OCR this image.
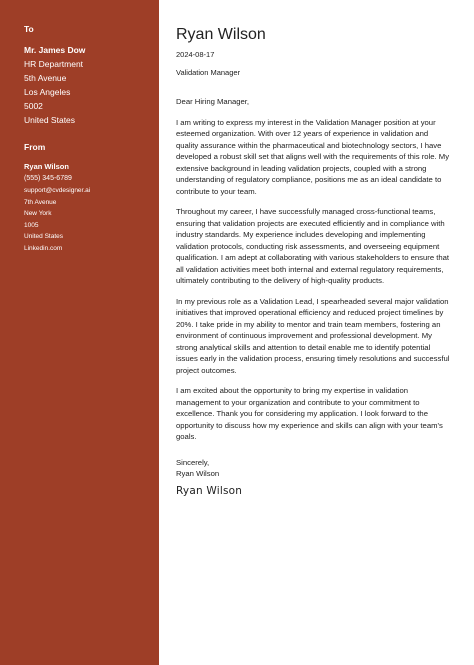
To
Mr. James Dow
HR Department
5th Avenue
Los Angeles
5002
United States
From
Ryan Wilson
(555) 345-6789
support@cvdesigner.ai
7th Avenue
New York
1005
United States
Linkedin.com
Ryan Wilson
2024-08-17
Validation Manager
Dear Hiring Manager,
I am writing to express my interest in the Validation Manager position at your esteemed organization. With over 12 years of experience in validation and quality assurance within the pharmaceutical and biotechnology sectors, I have developed a robust skill set that aligns well with the requirements of this role. My extensive background in leading validation projects, coupled with a strong understanding of regulatory compliance, positions me as an ideal candidate to contribute to your team.
Throughout my career, I have successfully managed cross-functional teams, ensuring that validation projects are executed efficiently and in compliance with industry standards. My experience includes developing and implementing validation protocols, conducting risk assessments, and overseeing equipment qualification. I am adept at collaborating with various stakeholders to ensure that all validation activities meet both internal and external regulatory requirements, ultimately contributing to the delivery of high-quality products.
In my previous role as a Validation Lead, I spearheaded several major validation initiatives that improved operational efficiency and reduced project timelines by 20%. I take pride in my ability to mentor and train team members, fostering an environment of continuous improvement and professional development. My strong analytical skills and attention to detail enable me to identify potential issues early in the validation process, ensuring timely resolutions and successful project outcomes.
I am excited about the opportunity to bring my expertise in validation management to your organization and contribute to your commitment to excellence. Thank you for considering my application. I look forward to the opportunity to discuss how my experience and skills can align with your team's goals.
Sincerely,
Ryan Wilson
Ryan Wilson
